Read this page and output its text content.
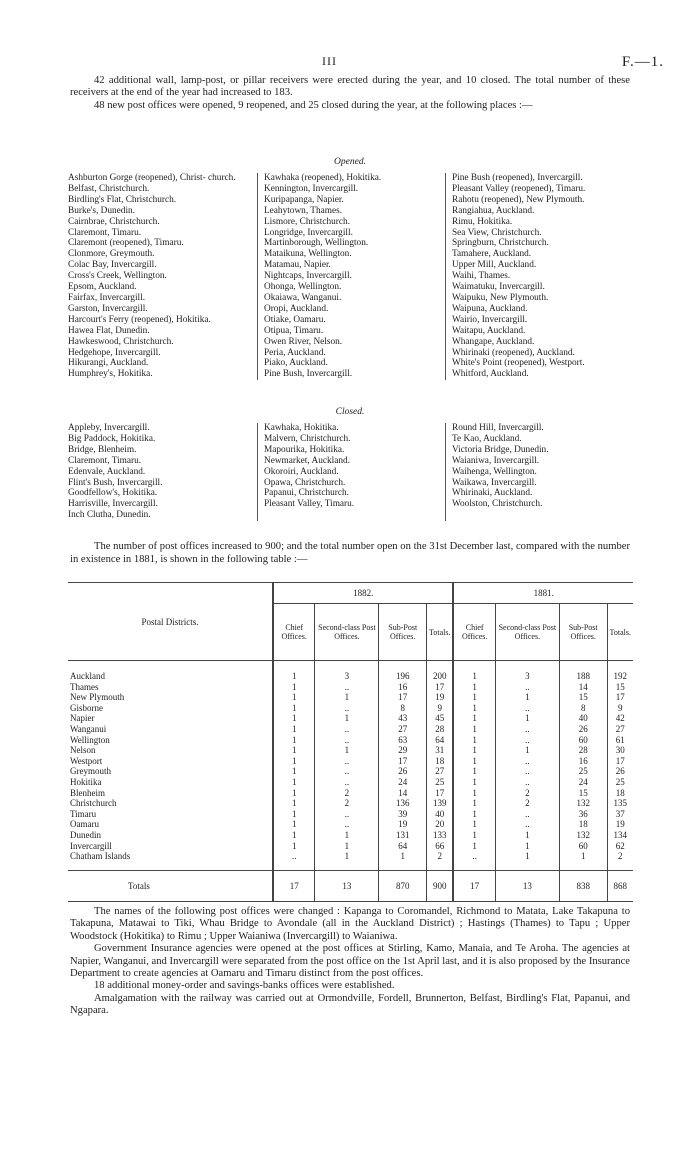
III	F.—1.

42 additional wall, lamp-post, or pillar receivers were erected during the year, and 10 closed. The total number of these receivers at the end of the year had increased to 183.

48 new post offices were opened, 9 reopened, and 25 closed during the year, at the following places :—

Opened.
Ashburton Gorge (reopened), Christ- church.
Belfast, Christchurch.
Birdling's Flat, Christchurch.
Burke's, Dunedin.
Cairnbrae, Christchurch.
Claremont, Timaru.
Claremont (reopened), Timaru.
Clonmore, Greymouth.
Colac Bay, Invercargill.
Cross's Creek, Wellington.
Epsom, Auckland.
Fairfax, Invercargill.
Garston, Invercargill.
Harcourt's Ferry (reopened), Hokitika.
Hawea Flat, Dunedin.
Hawkeswood, Christchurch.
Hedgehope, Invercargill.
Hikurangi, Auckland.
Humphrey's, Hokitika.
Kawhaka (reopened), Hokitika.
Kennington, Invercargill.
Kuripapanga, Napier.
Leahytown, Thames.
Lismore, Christchurch.
Longridge, Invercargill.
Martinborough, Wellington.
Mataikuna, Wellington.
Matamau, Napier.
Nightcaps, Invercargill.
Ohonga, Wellington.
Okaiawa, Wanganui.
Oropi, Auckland.
Otiake, Oamaru.
Otipua, Timaru.
Owen River, Nelson.
Peria, Auckland.
Piako, Auckland.
Pine Bush, Invercargill.
Pine Bush (reopened), Invercargill.
Pleasant Valley (reopened), Timaru.
Rahotu (reopened), New Plymouth.
Rangiahua, Auckland.
Rimu, Hokitika.
Sea View, Christchurch.
Springburn, Christchurch.
Tamahere, Auckland.
Upper Mill, Auckland.
Waihi, Thames.
Waimatuku, Invercargill.
Waipuku, New Plymouth.
Waipuna, Auckland.
Wairio, Invercargill.
Waitapu, Auckland.
Whangape, Auckland.
Whirinaki (reopened), Auckland.
White's Point (reopened), Westport.
Whitford, Auckland.
Closed.
Appleby, Invercargill.
Big Paddock, Hokitika.
Bridge, Blenheim.
Claremont, Timaru.
Edenvale, Auckland.
Flint's Bush, Invercargill.
Goodfellow's, Hokitika.
Harrisville, Invercargill.
Inch Clutha, Dunedin.
Kawhaka, Hokitika.
Malvern, Christchurch.
Mapourika, Hokitika.
Newmarket, Auckland.
Okoroiri, Auckland.
Opawa, Christchurch.
Papanui, Christchurch.
Pleasant Valley, Timaru.
Round Hill, Invercargill.
Te Kao, Auckland.
Victoria Bridge, Dunedin.
Waianiwa, Invercargill.
Waihenga, Wellington.
Waikawa, Invercargill.
Whirinaki, Auckland.
Woolston, Christchurch.
The number of post offices increased to 900; and the total number open on the 31st December last, compared with the number in existence in 1881, is shown in the following table :—
Postal Districts.	1882.				1881.			
	Chief Offices.	Second-class Post Offices.	Sub-Post Offices.	Totals.	Chief Offices.	Second-class Post Offices.	Sub-Post Offices.	Totals.
Auckland	1	3	196	200	1	3	188	192
Thames	1	..	16	17	1	..	14	15
New Plymouth	1	1	17	19	1	1	15	17
Gisborne	1	..	8	9	1	..	8	9
Napier	1	1	43	45	1	1	40	42
Wanganui	1	..	27	28	1	..	26	27
Wellington	1	..	63	64	1	..	60	61
Nelson	1	1	29	31	1	1	28	30
Westport	1	..	17	18	1	..	16	17
Greymouth	1	..	26	27	1	..	25	26
Hokitika	1	..	24	25	1	..	24	25
Blenheim	1	2	14	17	1	2	15	18
Christchurch	1	2	136	139	1	2	132	135
Timaru	1	..	39	40	1	..	36	37
Oamaru	1	..	19	20	1	..	18	19
Dunedin	1	1	131	133	1	1	132	134
Invercargill	1	1	64	66	1	1	60	62
Chatham Islands	..	1	1	2	..	1	1	2
Totals	17	13	870	900	17	13	838	868

The names of the following post offices were changed : Kapanga to Coromandel, Richmond to Matata, Lake Takapuna to Takapuna, Matawai to Tiki, Whau Bridge to Avondale (all in the Auckland District) ; Hastings (Thames) to Tapu ; Upper Woodstock (Hokitika) to Rimu ; Upper Waianiwa (Invercargill) to Waianiwa.

Government Insurance agencies were opened at the post offices at Stirling, Kamo, Manaia, and Te Aroha. The agencies at Napier, Wanganui, and Invercargill were separated from the post office on the 1st April last, and it is also proposed by the Insurance Department to create agencies at Oamaru and Timaru distinct from the post offices.

18 additional money-order and savings-banks offices were established.

Amalgamation with the railway was carried out at Ormondville, Fordell, Brunnerton, Belfast, Birdling's Flat, Papanui, and Ngapara.
